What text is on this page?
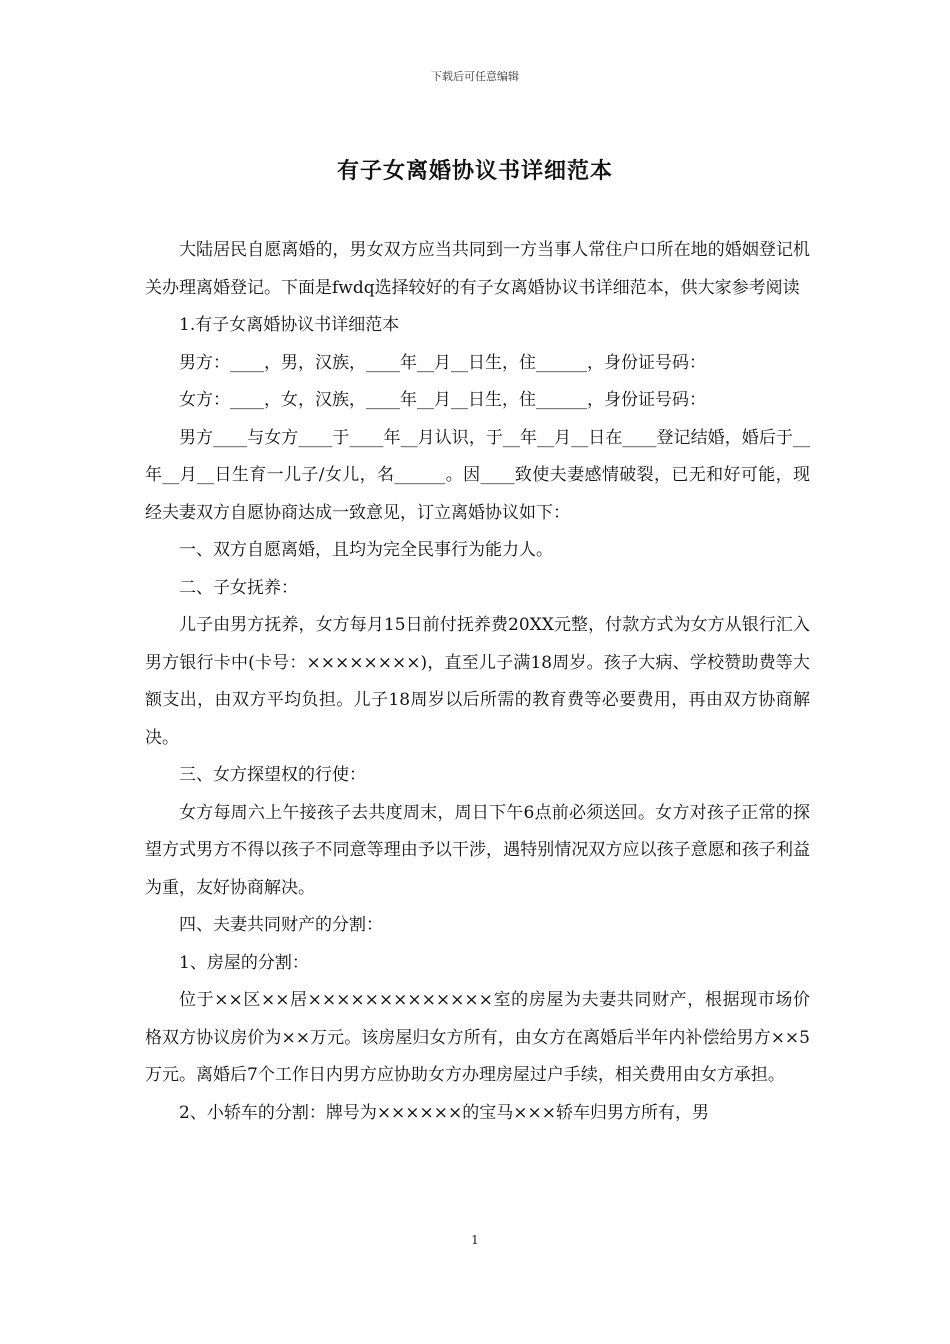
下载后可任意编辑
有子女离婚协议书详细范本

大陆居民自愿离婚的，男女双方应当共同到一方当事人常住户口所在地的婚姻登记机关办理离婚登记。下面是fwdq选择较好的有子女离婚协议书详细范本，供大家参考阅读

1.有子女离婚协议书详细范本

男方：____，男，汉族，____年__月__日生，住______，身份证号码：

女方：____，女，汉族，____年__月__日生，住______，身份证号码：

男方____与女方____于____年__月认识，于__年__月__日在____登记结婚，婚后于__年__月__日生育一儿子/女儿，名______。因____致使夫妻感情破裂，已无和好可能，现经夫妻双方自愿协商达成一致意见，订立离婚协议如下：

一、双方自愿离婚，且均为完全民事行为能力人。

二、子女抚养：

儿子由男方抚养，女方每月15日前付抚养费20XX元整，付款方式为女方从银行汇入男方银行卡中(卡号：××××××××)，直至儿子满18周岁。孩子大病、学校赞助费等大额支出，由双方平均负担。儿子18周岁以后所需的教育费等必要费用，再由双方协商解决。

三、女方探望权的行使：

女方每周六上午接孩子去共度周末，周日下午6点前必须送回。女方对孩子正常的探望方式男方不得以孩子不同意等理由予以干涉，遇特别情况双方应以孩子意愿和孩子利益为重，友好协商解决。

四、夫妻共同财产的分割：

1、房屋的分割：

位于××区××居×××××××××××××室的房屋为夫妻共同财产，根据现市场价格双方协议房价为××万元。该房屋归女方所有，由女方在离婚后半年内补偿给男方××5万元。离婚后7个工作日内男方应协助女方办理房屋过户手续，相关费用由女方承担。

2、小轿车的分割：牌号为××××××的宝马×××轿车归男方所有，男

1
